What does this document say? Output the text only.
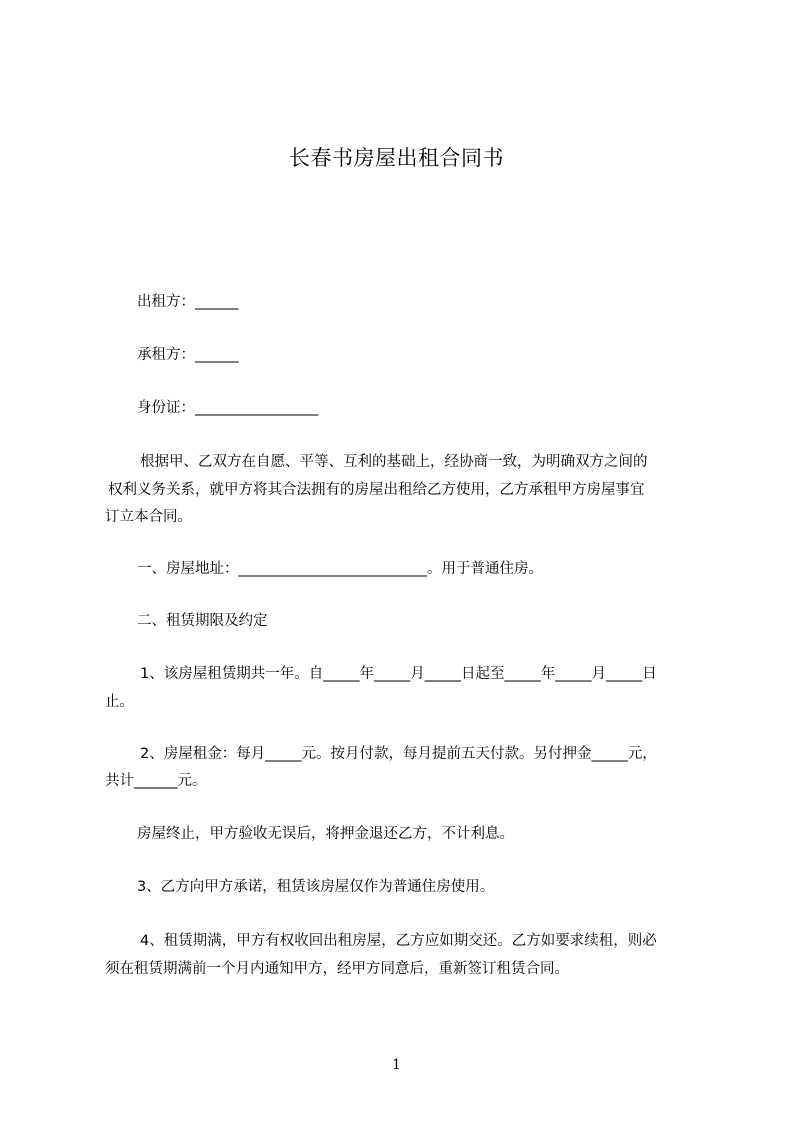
长春书房屋出租合同书
出租方：______
承租方：______
身份证：_________________
根据甲、乙双方在自愿、平等、互利的基础上，经协商一致，为明确双方之间的
权利义务关系，就甲方将其合法拥有的房屋出租给乙方使用，乙方承租甲方房屋事宜
订立本合同。
一、房屋地址：__________________________。用于普通住房。
二、租赁期限及约定
1、该房屋租赁期共一年。自_____年_____月_____日起至_____年_____月_____日
止。
2、房屋租金：每月_____元。按月付款，每月提前五天付款。另付押金_____元，
共计______元。
房屋终止，甲方验收无误后，将押金退还乙方，不计利息。
3、乙方向甲方承诺，租赁该房屋仅作为普通住房使用。
4、租赁期满，甲方有权收回出租房屋，乙方应如期交还。乙方如要求续租，则必
须在租赁期满前一个月内通知甲方，经甲方同意后，重新签订租赁合同。
1
